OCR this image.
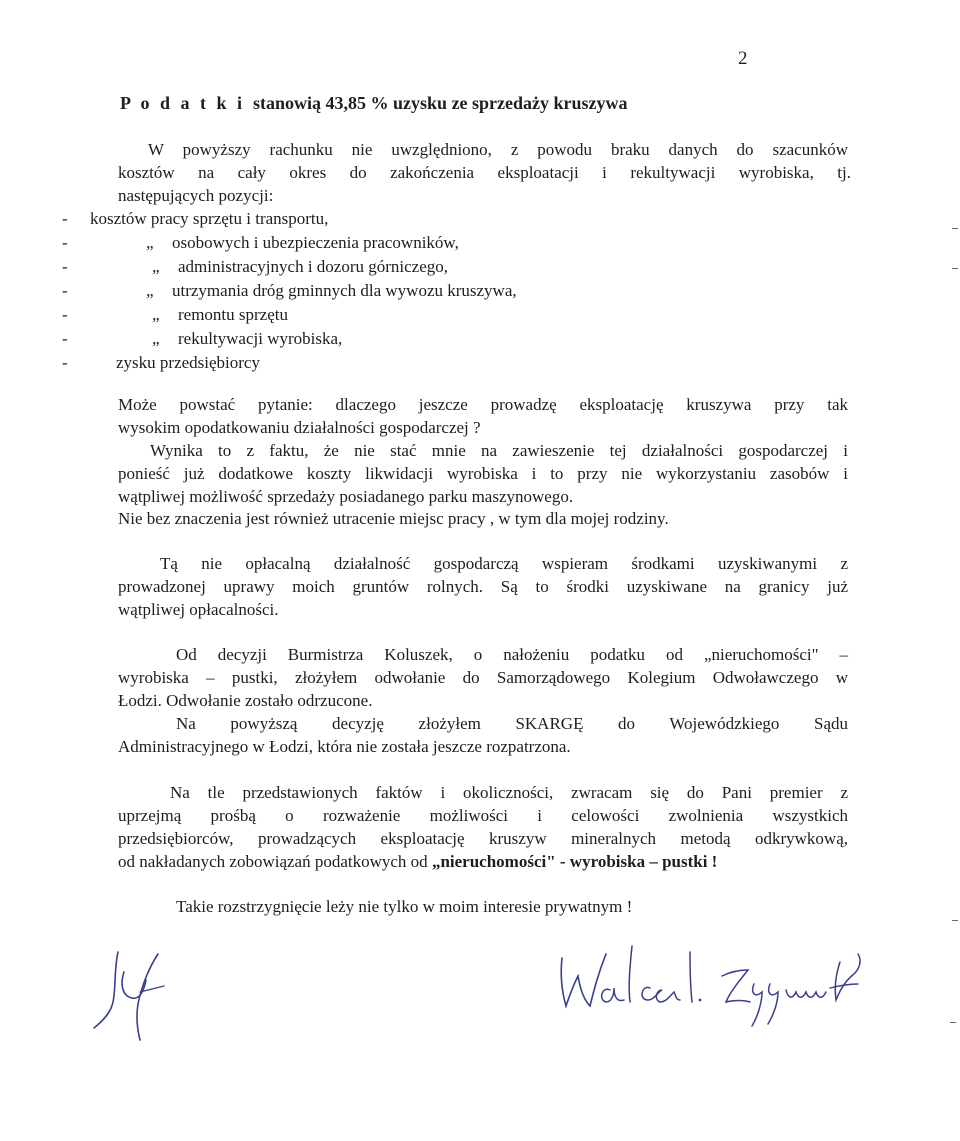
2
P o d a t k i stanowią 43,85 % uzysku ze sprzedaży kruszywa
W powyższy rachunku nie uwzględniono, z powodu braku danych do szacunków
kosztów na cały okres do zakończenia eksploatacji i rekultywacji wyrobiska, tj.
następujących pozycji:
- kosztów pracy sprzętu i transportu,
-	„ osobowych i ubezpieczenia pracowników,
-	„ administracyjnych i dozoru górniczego,
-	„ utrzymania dróg gminnych dla wywozu kruszywa,
-	„ remontu sprzętu
-	„ rekultywacji wyrobiska,
-	zysku przedsiębiorcy
Może powstać pytanie: dlaczego jeszcze prowadzę eksploatację kruszywa przy tak
wysokim opodatkowaniu działalności gospodarczej ?
Wynika to z faktu, że nie stać mnie na zawieszenie tej działalności gospodarczej i
ponieść już dodatkowe koszty likwidacji wyrobiska i to przy nie wykorzystaniu zasobów i
wątpliwej możliwość sprzedaży posiadanego parku maszynowego.
Nie bez znaczenia jest również utracenie miejsc pracy , w tym dla mojej rodziny.
Tą nie opłacalną działalność gospodarczą wspieram środkami uzyskiwanymi z
prowadzonej uprawy moich gruntów rolnych. Są to środki uzyskiwane na granicy już
wątpliwej opłacalności.
Od decyzji Burmistrza Koluszek, o nałożeniu podatku od „nieruchomości" –
wyrobiska – pustki, złożyłem odwołanie do Samorządowego Kolegium Odwoławczego w
Łodzi. Odwołanie zostało odrzucone.
Na powyższą decyzję złożyłem SKARGĘ do Wojewódzkiego Sądu
Administracyjnego w Łodzi, która nie została jeszcze rozpatrzona.
Na tle przedstawionych faktów i okoliczności, zwracam się do Pani premier z
uprzejmą prośbą o rozważenie możliwości i celowości zwolnienia wszystkich
przedsiębiorców, prowadzących eksploatację kruszyw mineralnych metodą odkrywkową,
od nakładanych zobowiązań podatkowych od „nieruchomości" - wyrobiska – pustki !
Takie rozstrzygnięcie leży nie tylko w moim interesie prywatnym !
